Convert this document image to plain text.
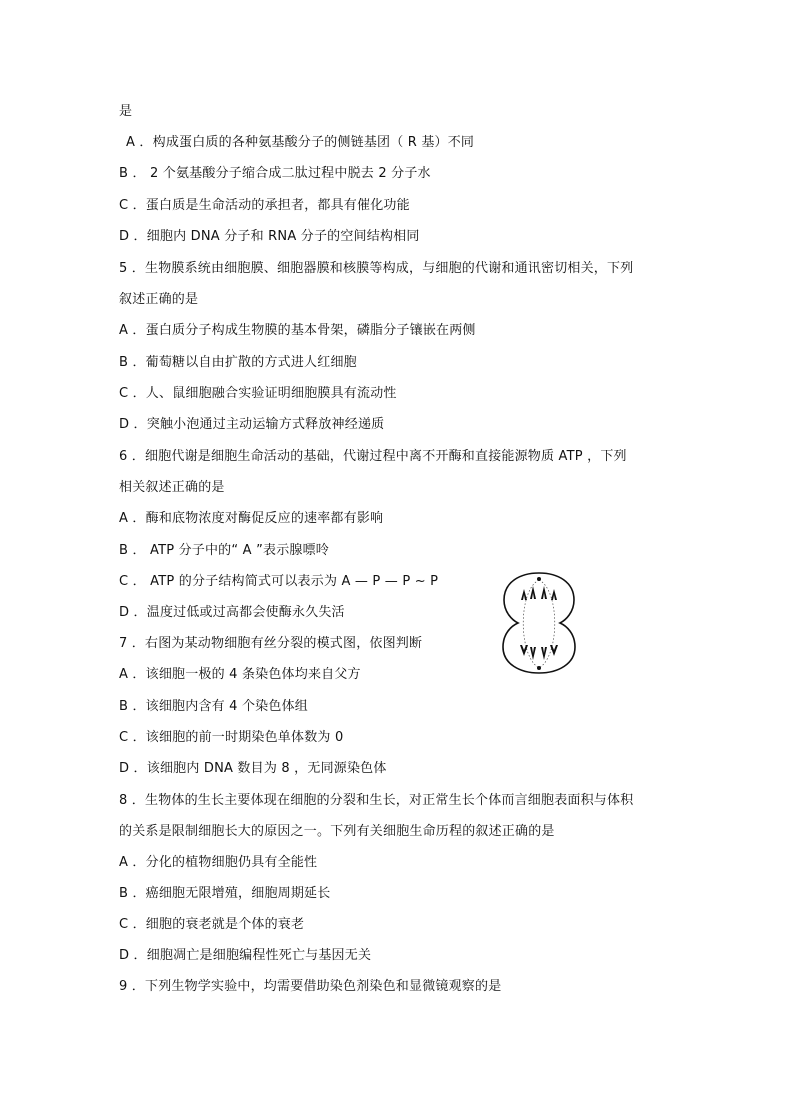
是
A ．构成蛋白质的各种氨基酸分子的侧链基团（ R 基）不同
B ． 2 个氨基酸分子缩合成二肽过程中脱去 2 分子水
C ．蛋白质是生命活动的承担者，都具有催化功能
D ．细胞内 DNA 分子和 RNA 分子的空间结构相同
5 ．生物膜系统由细胞膜、细胞器膜和核膜等构成，与细胞的代谢和通讯密切相关，下列
叙述正确的是
A ．蛋白质分子构成生物膜的基本骨架，磷脂分子镶嵌在两侧
B ．葡萄糖以自由扩散的方式进人红细胞
C ．人、鼠细胞融合实验证明细胞膜具有流动性
D ．突触小泡通过主动运输方式释放神经递质
6 ．细胞代谢是细胞生命活动的基础，代谢过程中离不开酶和直接能源物质 ATP ，下列
相关叙述正确的是
A ．酶和底物浓度对酶促反应的速率都有影响
B ． ATP 分子中的“ A ”表示腺嘌呤
C ． ATP 的分子结构简式可以表示为 A — P — P ~ P
D ．温度过低或过高都会使酶永久失活
7 ．右图为某动物细胞有丝分裂的模式图，依图判断
A ．该细胞一极的 4 条染色体均来自父方
B ．该细胞内含有 4 个染色体组
C ．该细胞的前一时期染色单体数为 0
D ．该细胞内 DNA 数目为 8 ，无同源染色体
8 ．生物体的生长主要体现在细胞的分裂和生长，对正常生长个体而言细胞表面积与体积
的关系是限制细胞长大的原因之一。下列有关细胞生命历程的叙述正确的是
A ．分化的植物细胞仍具有全能性
B ．癌细胞无限增殖，细胞周期延长
C ．细胞的衰老就是个体的衰老
D ．细胞凋亡是细胞编程性死亡与基因无关
9 ．下列生物学实验中，均需要借助染色剂染色和显微镜观察的是
